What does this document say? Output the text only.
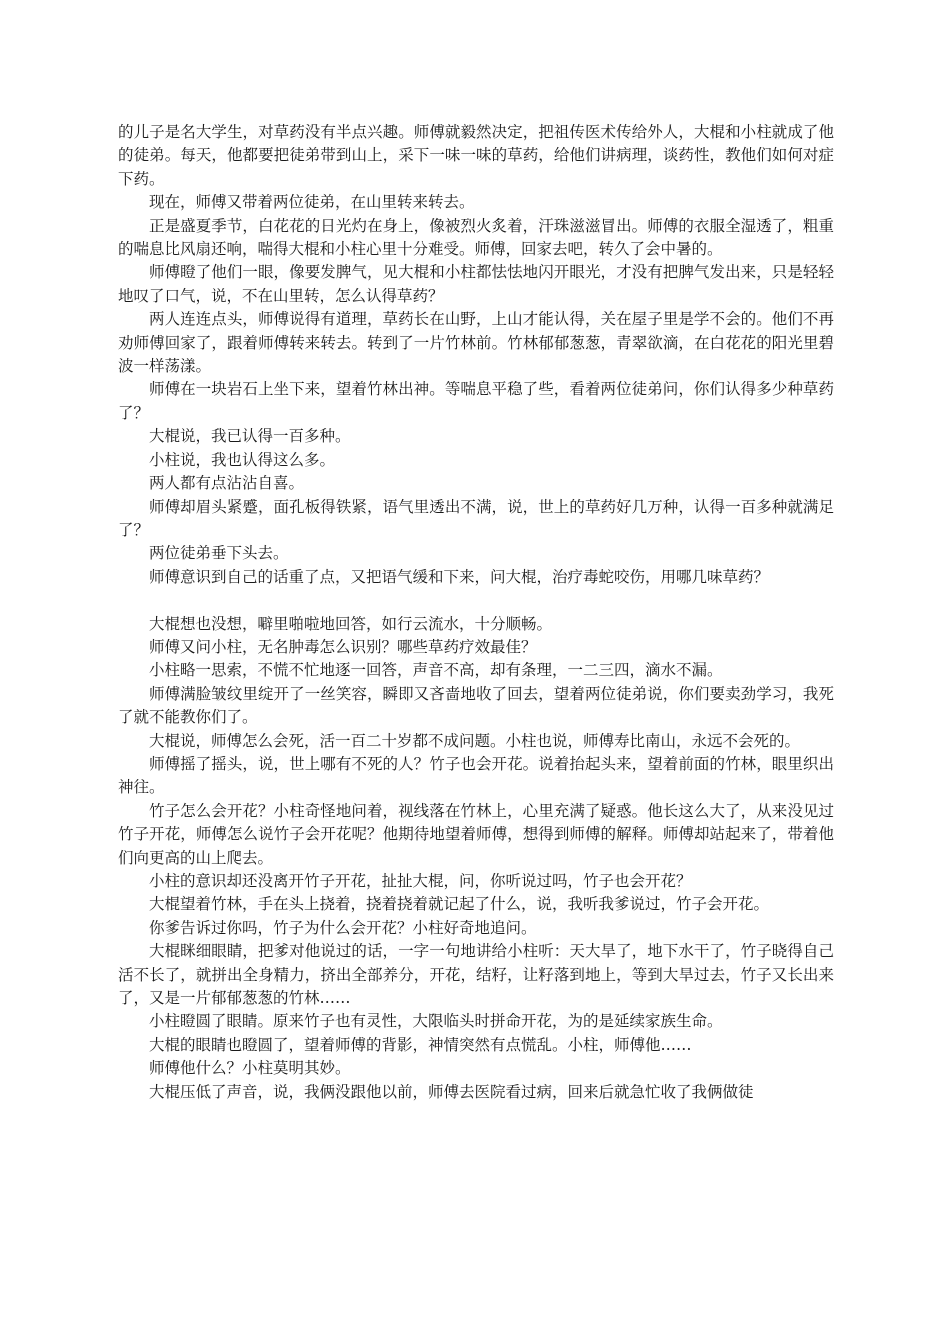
的儿子是名大学生，对草药没有半点兴趣。师傅就毅然决定，把祖传医术传给外人，大棍和小柱就成了他的徒弟。每天，他都要把徒弟带到山上，采下一味一味的草药，给他们讲病理，谈药性，教他们如何对症下药。

现在，师傅又带着两位徒弟，在山里转来转去。

正是盛夏季节，白花花的日光灼在身上，像被烈火炙着，汗珠滋滋冒出。师傅的衣服全湿透了，粗重的喘息比风扇还响，喘得大棍和小柱心里十分难受。师傅，回家去吧，转久了会中暑的。

师傅瞪了他们一眼，像要发脾气，见大棍和小柱都怯怯地闪开眼光，才没有把脾气发出来，只是轻轻地叹了口气，说，不在山里转，怎么认得草药？

两人连连点头，师傅说得有道理，草药长在山野，上山才能认得，关在屋子里是学不会的。他们不再劝师傅回家了，跟着师傅转来转去。转到了一片竹林前。竹林郁郁葱葱，青翠欲滴，在白花花的阳光里碧波一样荡漾。

师傅在一块岩石上坐下来，望着竹林出神。等喘息平稳了些，看着两位徒弟问，你们认得多少种草药了？

大棍说，我已认得一百多种。

小柱说，我也认得这么多。

两人都有点沾沾自喜。

师傅却眉头紧蹙，面孔板得铁紧，语气里透出不满，说，世上的草药好几万种，认得一百多种就满足了？

两位徒弟垂下头去。

师傅意识到自己的话重了点，又把语气缓和下来，问大棍，治疗毒蛇咬伤，用哪几味草药？

大棍想也没想，噼里啪啦地回答，如行云流水，十分顺畅。

师傅又问小柱，无名肿毒怎么识别？哪些草药疗效最佳？

小柱略一思索，不慌不忙地逐一回答，声音不高，却有条理，一二三四，滴水不漏。

师傅满脸皱纹里绽开了一丝笑容，瞬即又吝啬地收了回去，望着两位徒弟说，你们要卖劲学习，我死了就不能教你们了。

大棍说，师傅怎么会死，活一百二十岁都不成问题。小柱也说，师傅寿比南山，永远不会死的。

师傅摇了摇头，说，世上哪有不死的人？竹子也会开花。说着抬起头来，望着前面的竹林，眼里织出神往。

竹子怎么会开花？小柱奇怪地问着，视线落在竹林上，心里充满了疑惑。他长这么大了，从来没见过竹子开花，师傅怎么说竹子会开花呢？他期待地望着师傅，想得到师傅的解释。师傅却站起来了，带着他们向更高的山上爬去。

小柱的意识却还没离开竹子开花，扯扯大棍，问，你听说过吗，竹子也会开花？

大棍望着竹林，手在头上挠着，挠着挠着就记起了什么，说，我听我爹说过，竹子会开花。

你爹告诉过你吗，竹子为什么会开花？小柱好奇地追问。

大棍眯细眼睛，把爹对他说过的话，一字一句地讲给小柱听：天大旱了，地下水干了，竹子晓得自己活不长了，就拼出全身精力，挤出全部养分，开花，结籽，让籽落到地上，等到大旱过去，竹子又长出来了，又是一片郁郁葱葱的竹林……

小柱瞪圆了眼睛。原来竹子也有灵性，大限临头时拼命开花，为的是延续家族生命。

大棍的眼睛也瞪圆了，望着师傅的背影，神情突然有点慌乱。小柱，师傅他……

师傅他什么？小柱莫明其妙。

大棍压低了声音，说，我俩没跟他以前，师傅去医院看过病，回来后就急忙收了我俩做徒
